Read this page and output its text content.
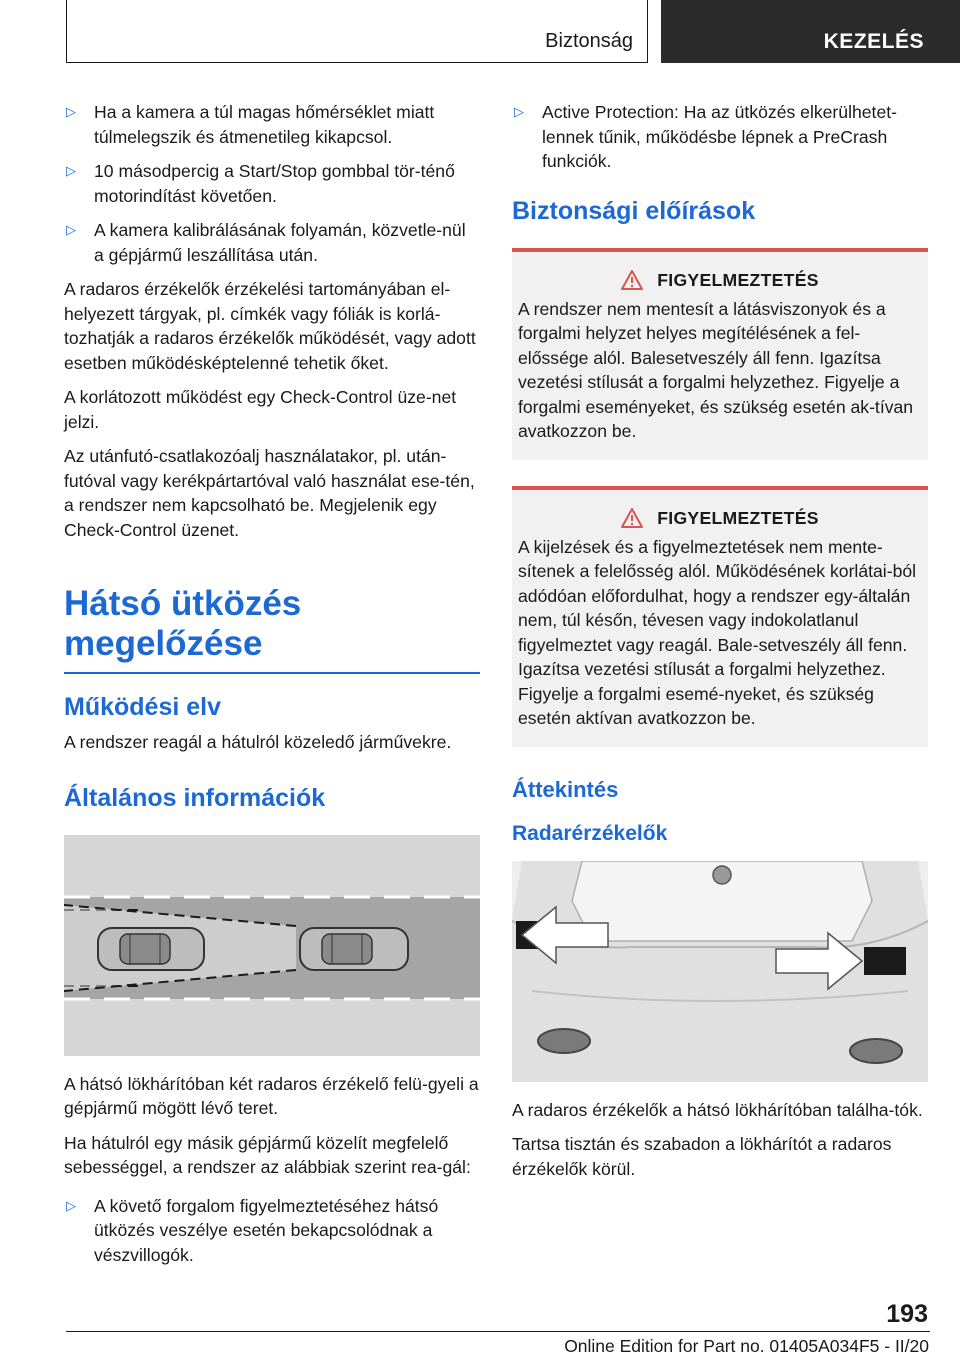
Biztonság	KEZELÉS
▷	Ha a kamera a túl magas hőmérséklet miatt túlmelegszik és átmenetileg kikapcsol.
▷	10 másodpercig a Start/Stop gombbal tör-ténő motorindítást követően.
▷	A kamera kalibrálásának folyamán, közvetle-nül a gépjármű leszállítása után.

A radaros érzékelők érzékelési tartományában el-helyezett tárgyak, pl. címkék vagy fóliák is korlá-tozhatják a radaros érzékelők működését, vagy adott esetben működésképtelenné tehetik őket.

A korlátozott működést egy Check-Control üze-net jelzi.

Az utánfutó-csatlakozóalj használatakor, pl. után-futóval vagy kerékpártartóval való használat ese-tén, a rendszer nem kapcsolható be. Megjelenik egy Check-Control üzenet.

Hátsó ütközés megelőzése
Működési elv

A rendszer reagál a hátulról közeledő járművekre.

Általános információk

A hátsó lökhárítóban két radaros érzékelő felü-gyeli a gépjármű mögött lévő teret.

Ha hátulról egy másik gépjármű közelít megfelelő sebességgel, a rendszer az alábbiak szerint rea-gál:

▷	A követő forgalom figyelmeztetéséhez hátsó ütközés veszélye esetén bekapcsolódnak a vészvillogók.
▷	Active Protection: Ha az ütközés elkerülhetet-lennek tűnik, működésbe lépnek a PreCrash funkciók.
Biztonsági előírások
FIGYELMEZTETÉS

A rendszer nem mentesít a látásviszonyok és a forgalmi helyzet helyes megítélésének a fel-előssége alól. Balesetveszély áll fenn. Igazítsa vezetési stílusát a forgalmi helyzethez. Figyelje a forgalmi eseményeket, és szükség esetén ak-tívan avatkozzon be.

FIGYELMEZTETÉS

A kijelzések és a figyelmeztetések nem mente-sítenek a felelősség alól. Működésének korlátai-ból adódóan előfordulhat, hogy a rendszer egy-általán nem, túl későn, tévesen vagy indokolatlanul figyelmeztet vagy reagál. Bale-setveszély áll fenn. Igazítsa vezetési stílusát a forgalmi helyzethez. Figyelje a forgalmi esemé-nyeket, és szükség esetén aktívan avatkozzon be.

Áttekintés
Radarérzékelők

A radaros érzékelők a hátsó lökhárítóban találha-tók.

Tartsa tisztán és szabadon a lökhárítót a radaros érzékelők körül.

193
Online Edition for Part no. 01405A034F5 - II/20
